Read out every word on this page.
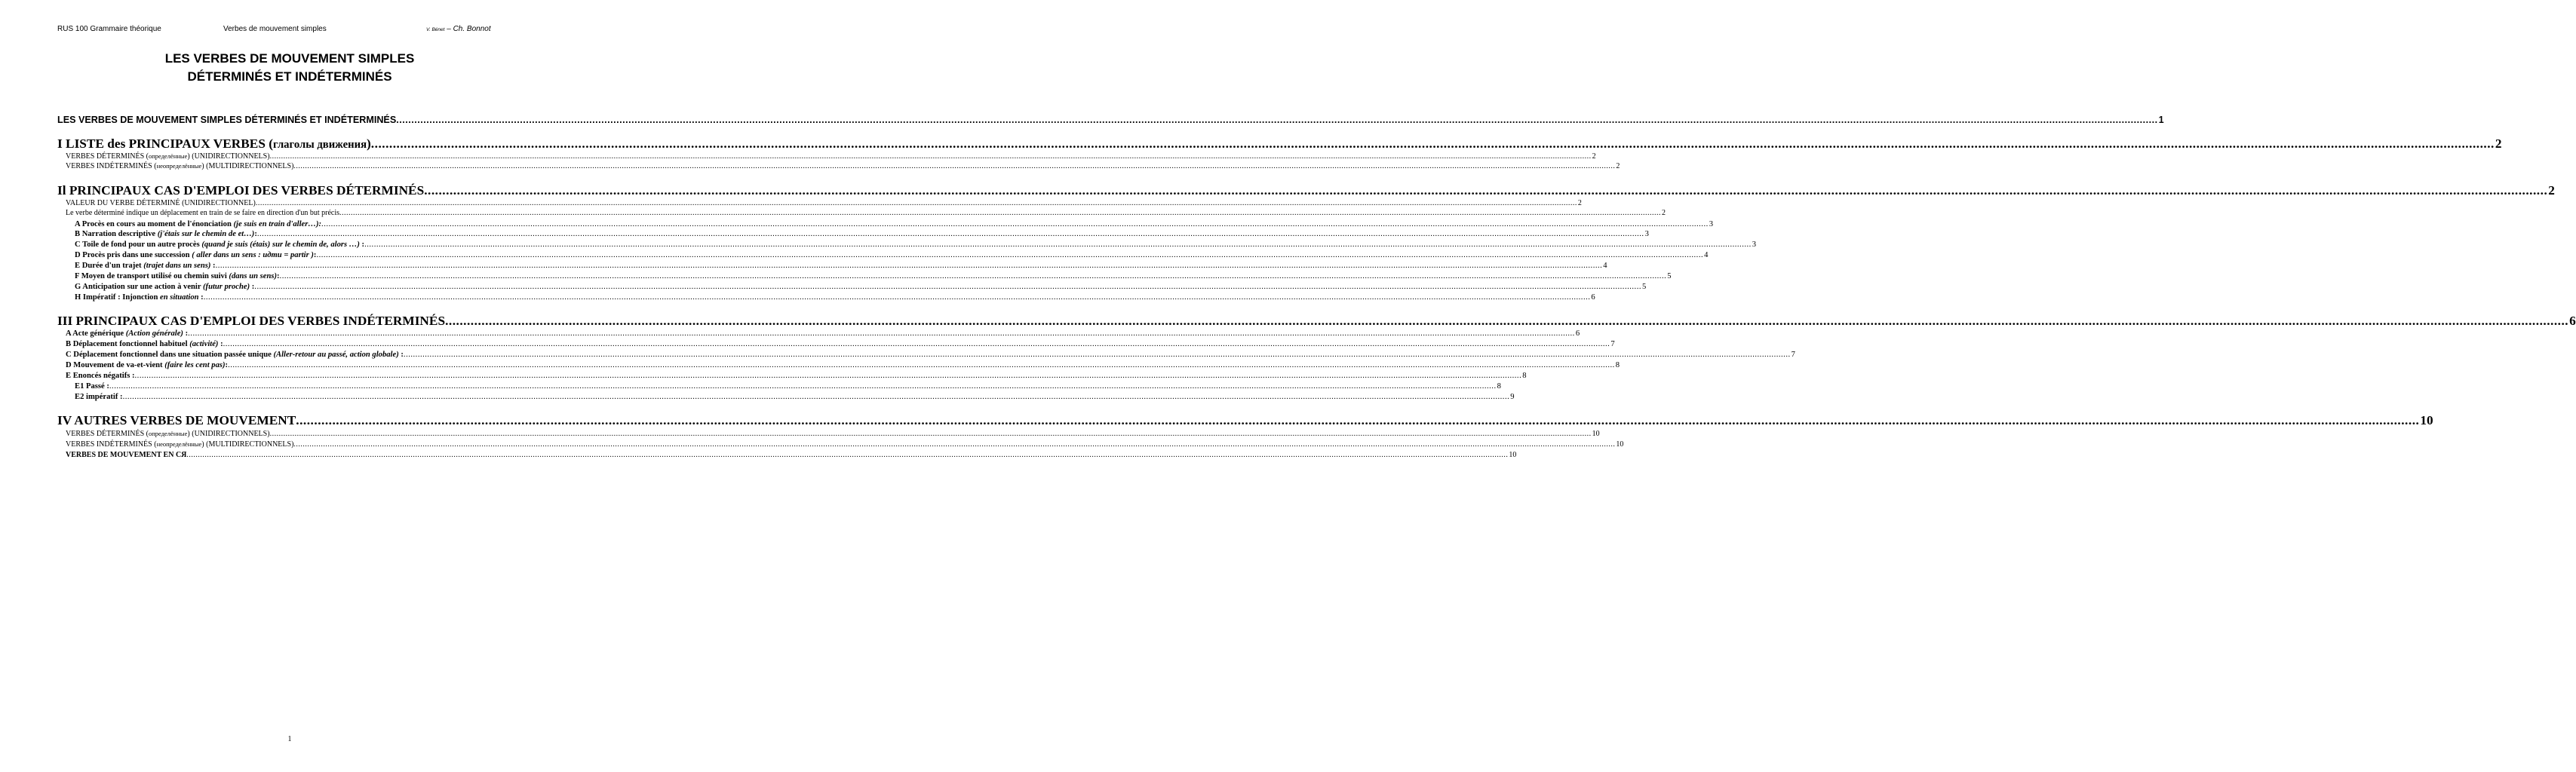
RUS 100 Grammaire théorique	Verbes de mouvement simples	V. Bénet – Ch. Bonnot
LES VERBES DE MOUVEMENT SIMPLES
DÉTERMINÉS ET INDÉTERMINÉS
LES VERBES DE MOUVEMENT SIMPLES DÉTERMINÉS ET INDÉTERMINÉS .....	1
I LISTE des PRINCIPAUX VERBES (глаголы движения) .....	2
VERBES DÉTERMINÉS (определённые) (UNIDIRECTIONNELS) .....	2
VERBES INDÉTERMINÉS (неопределённые) (MULTIDIRECTIONNELS) .....	2
Il PRINCIPAUX CAS D'EMPLOI DES VERBES DÉTERMINÉS .....	2
VALEUR DU VERBE DÉTERMINÉ (UNIDIRECTIONNEL) .....	2
Le verbe déterminé indique un déplacement en train de se faire en direction d'un but précis .....	2
A Procès en cours au moment de l'énonciation (je suis en train d'aller…): .....	3
B Narration descriptive (j'étais sur le chemin de et…): .....	3
C Toile de fond pour un autre procès (quand je suis (étais) sur le chemin de, alors …) : .....	3
D Procès pris dans une succession ( aller dans un sens : идти = partir ): .....	4
E Durée d'un trajet (trajet dans un sens) : .....	4
F Moyen de transport utilisé ou chemin suivi (dans un sens): .....	5
G Anticipation sur une action à venir (futur proche) : .....	5
H Impératif : Injonction en situation : .....	6
III PRINCIPAUX CAS D'EMPLOI DES VERBES INDÉTERMINÉS .....	6
A Acte générique (Action générale) : .....	6
B Déplacement fonctionnel habituel (activité) : .....	7
C Déplacement fonctionnel dans une situation passée unique (Aller-retour au passé, action globale) : .....	7
D Mouvement de va-et-vient (faire les cent pas): .....	8
E Enoncés négatifs : .....	8
E1 Passé : .....	8
E2 impératif : .....	9
IV AUTRES VERBES DE MOUVEMENT .....	10
VERBES DÉTERMINÉS (определённые) (UNIDIRECTIONNELS) .....	10
VERBES INDÉTERMINÉS (неопределённые) (MULTIDIRECTIONNELS) .....	10
VERBES DE MOUVEMENT EN СЯ .....	10
1
